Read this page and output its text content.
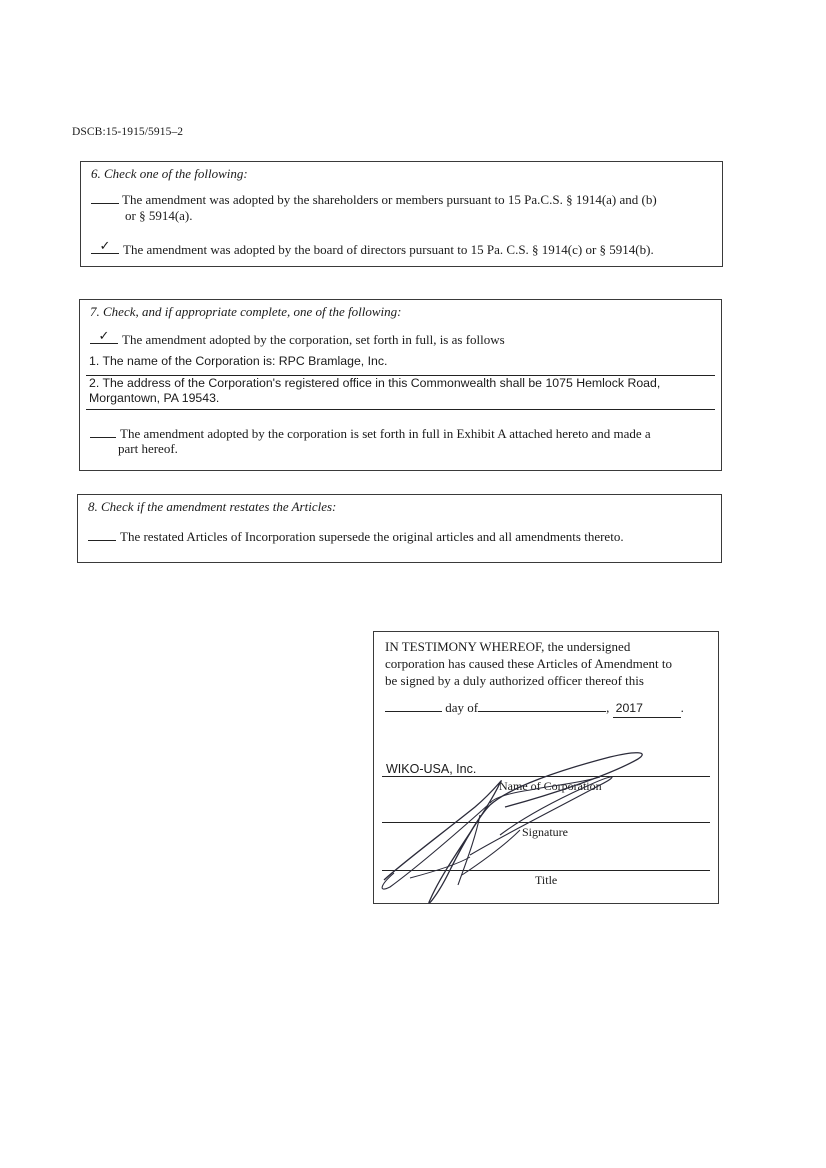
DSCB:15-1915/5915–2
6. Check one of the following:
The amendment was adopted by the shareholders or members pursuant to 15 Pa.C.S. § 1914(a) and (b)
or § 5914(a).
✓ The amendment was adopted by the board of directors pursuant to 15 Pa. C.S. § 1914(c) or § 5914(b).
7. Check, and if appropriate complete, one of the following:
✓ The amendment adopted by the corporation, set forth in full, is as follows
1. The name of the Corporation is: RPC Bramlage, Inc.
2. The address of the Corporation's registered office in this Commonwealth shall be 1075 Hemlock Road,
Morgantown, PA 19543.
The amendment adopted by the corporation is set forth in full in Exhibit A attached hereto and made a
part hereof.
8. Check if the amendment restates the Articles:
The restated Articles of Incorporation supersede the original articles and all amendments thereto.
IN TESTIMONY WHEREOF, the undersigned
corporation has caused these Articles of Amendment to
be signed by a duly authorized officer thereof this
day of	, 2017	.
WIKO-USA, Inc.
Name of Corporation
Signature
Title
